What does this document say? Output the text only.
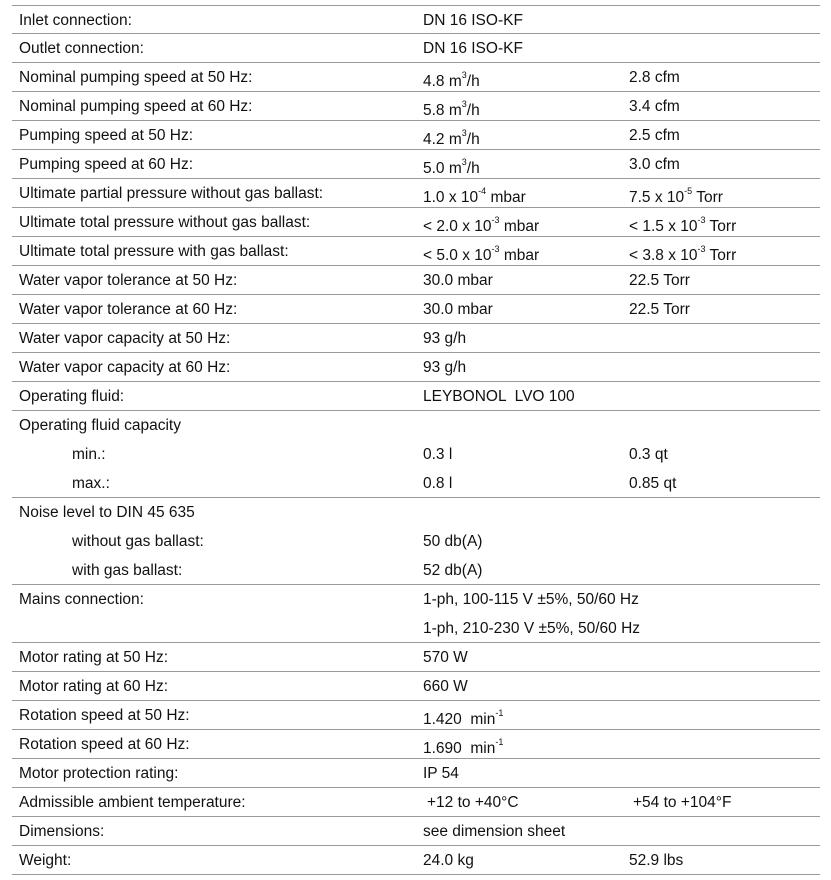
Inlet connection:	DN 16 ISO-KF
Outlet connection:	DN 16 ISO-KF
Nominal pumping speed at 50 Hz:	4.8 $m^3/h$	2.8 cfm
Nominal pumping speed at 60 Hz:	5.8 $m^3/h$	3.4 cfm
Pumping speed at 50 Hz:	4.2 $m^3/h$	2.5 cfm
Pumping speed at 60 Hz:	5.0 $m^3/h$	3.0 cfm
Ultimate partial pressure without gas ballast:	1.0 x $10^{-4}$ mbar	7.5 x $10^{-5}$ Torr
Ultimate total pressure without gas ballast:	< 2.0 x $10^{-3}$ mbar	< 1.5 x $10^{-3}$ Torr
Ultimate total pressure with gas ballast:	< 5.0 x $10^{-3}$ mbar	< 3.8 x $10^{-3}$ Torr
Water vapor tolerance at 50 Hz:	30.0 mbar	22.5 Torr
Water vapor tolerance at 60 Hz:	30.0 mbar	22.5 Torr
Water vapor capacity at 50 Hz:	93 g/h
Water vapor capacity at 60 Hz:	93 g/h
Operating fluid:	LEYBONOL  LVO 100
Operating fluid capacity
min.:	0.3 l	0.3 qt
max.:	0.8 l	0.85 qt
Noise level to DIN 45 635
without gas ballast:	50 db(A)
with gas ballast:	52 db(A)
Mains connection:	1-ph, 100-115 V ±5%, 50/60 Hz
1-ph, 210-230 V ±5%, 50/60 Hz
Motor rating at 50 Hz:	570 W
Motor rating at 60 Hz:	660 W
Rotation speed at 50 Hz:	1.420  $\min^{-1}$
Rotation speed at 60 Hz:	1.690  $\min^{-1}$
Motor protection rating:	IP 54
Admissible ambient temperature:	+12 to +40°C	+54 to +104°F
Dimensions:	see dimension sheet
Weight:	24.0 kg	52.9 lbs
